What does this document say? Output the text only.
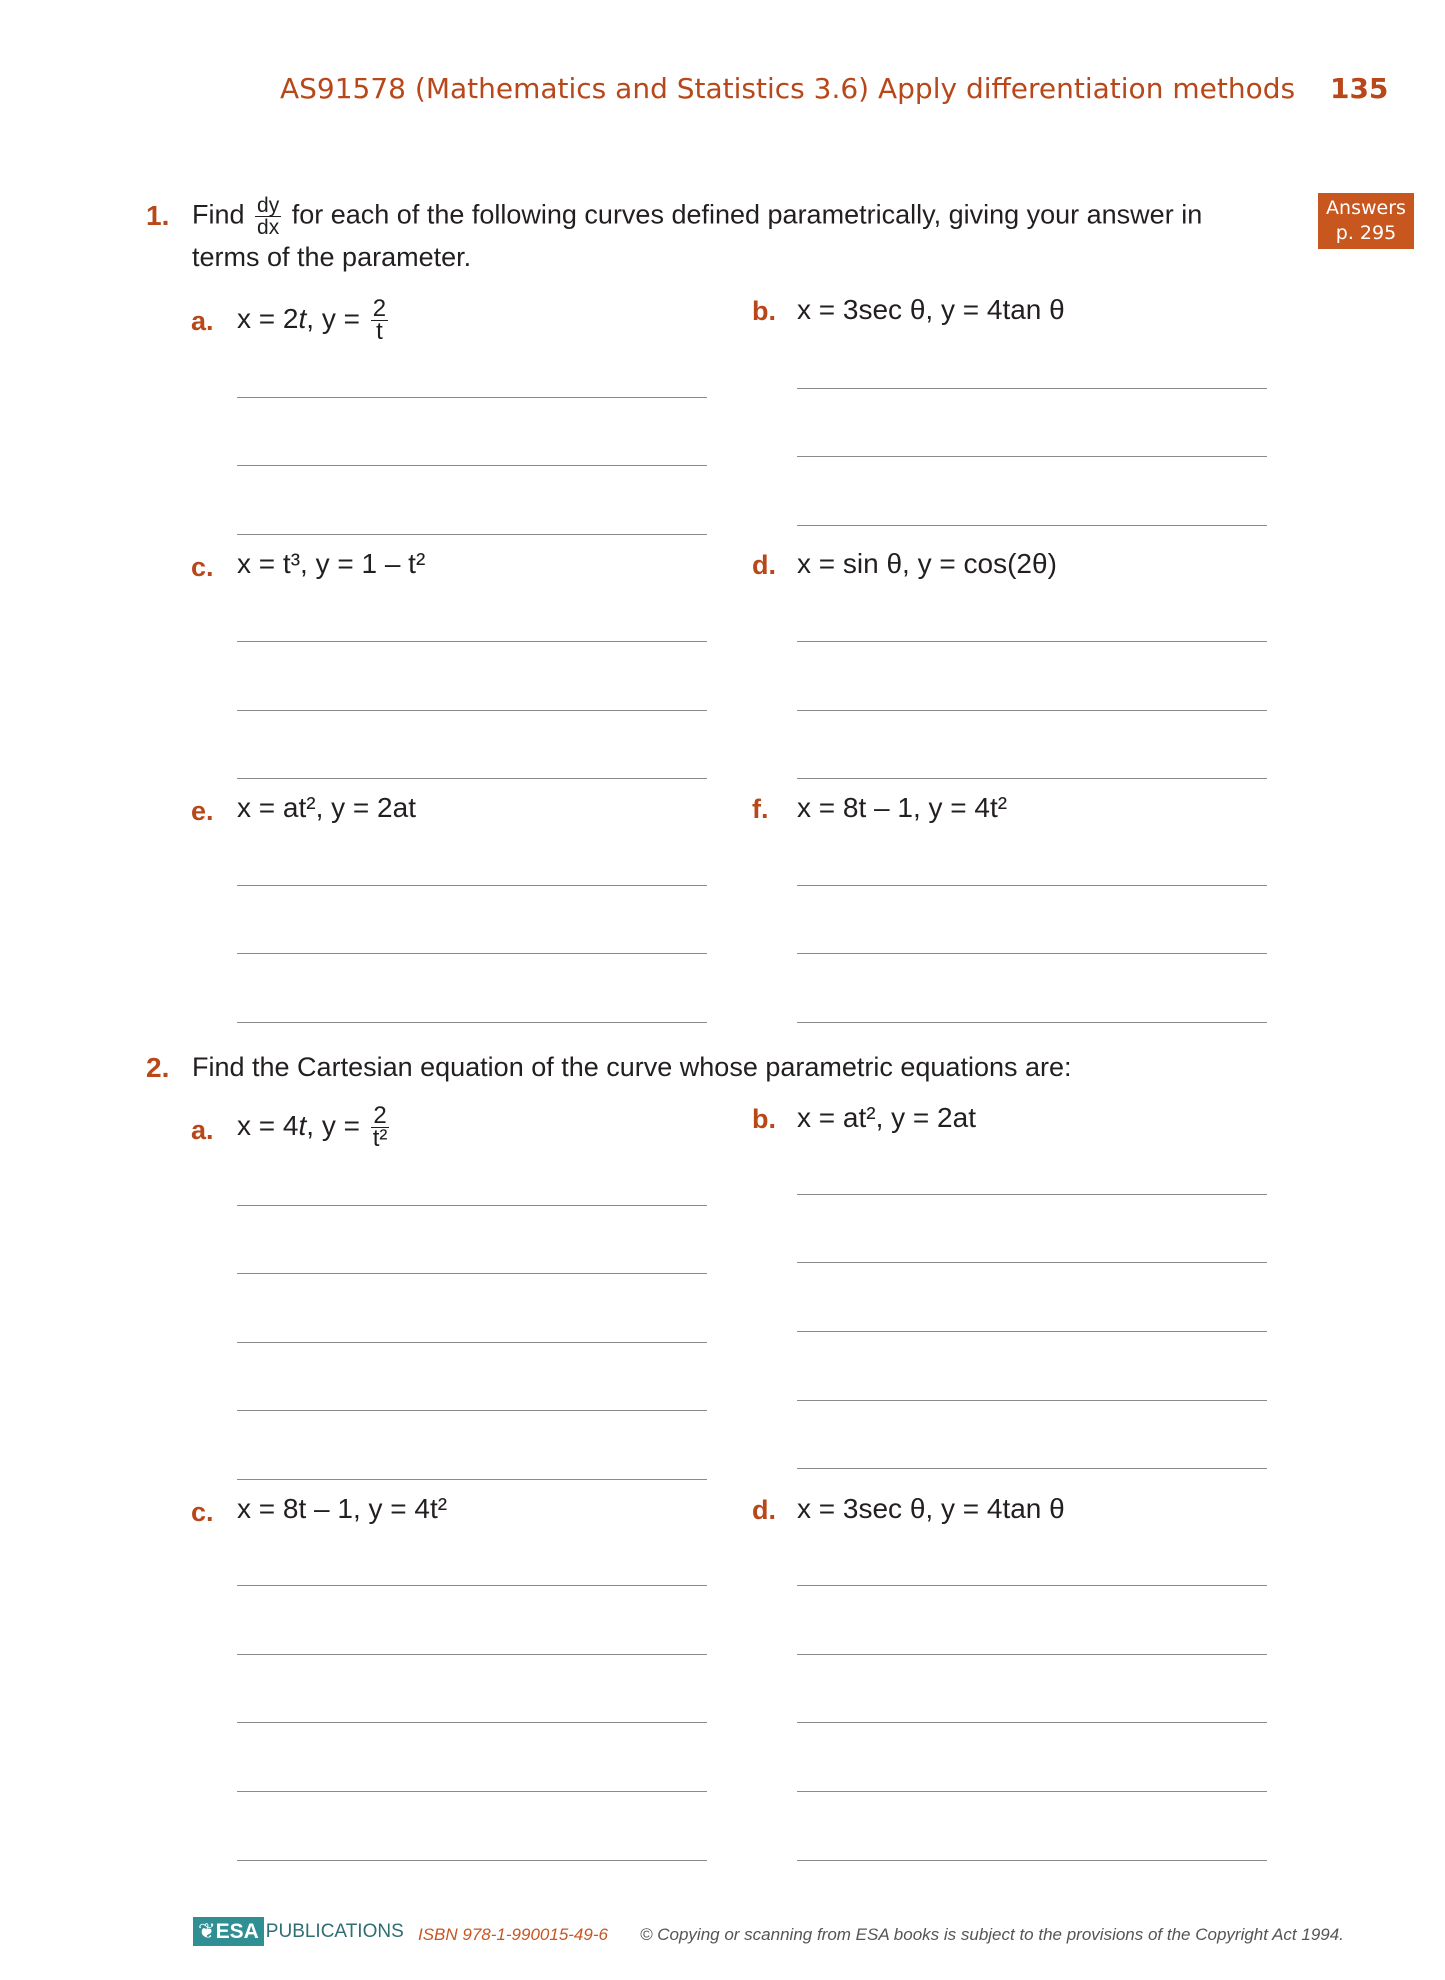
AS91578 (Mathematics and Statistics 3.6) Apply differentiation methods 135
Answers
p. 295
1. Find $\frac{dy}{dx}$ for each of the following curves defined parametrically, giving your answer in terms of the parameter.
a. x = 2t, $y = \frac{2}{t}$	b. x = 3sec θ, y = 4tan θ
c. x = t³, y = 1 – t²	d. x = sin θ, y = cos(2θ)
e. x = at², y = 2at	f. x = 8t – 1, y = 4t²
2. Find the Cartesian equation of the curve whose parametric equations are:
a. x = 4t, $y = \frac{2}{\text{t²}}$	b. x = at², y = 2at
c. x = 8t – 1, y = 4t²	d. x = 3sec θ, y = 4tan θ
❦ESA PUBLICATIONS ISBN 978-1-990015-49-6 © Copying or scanning from ESA books is subject to the provisions of the Copyright Act 1994.
